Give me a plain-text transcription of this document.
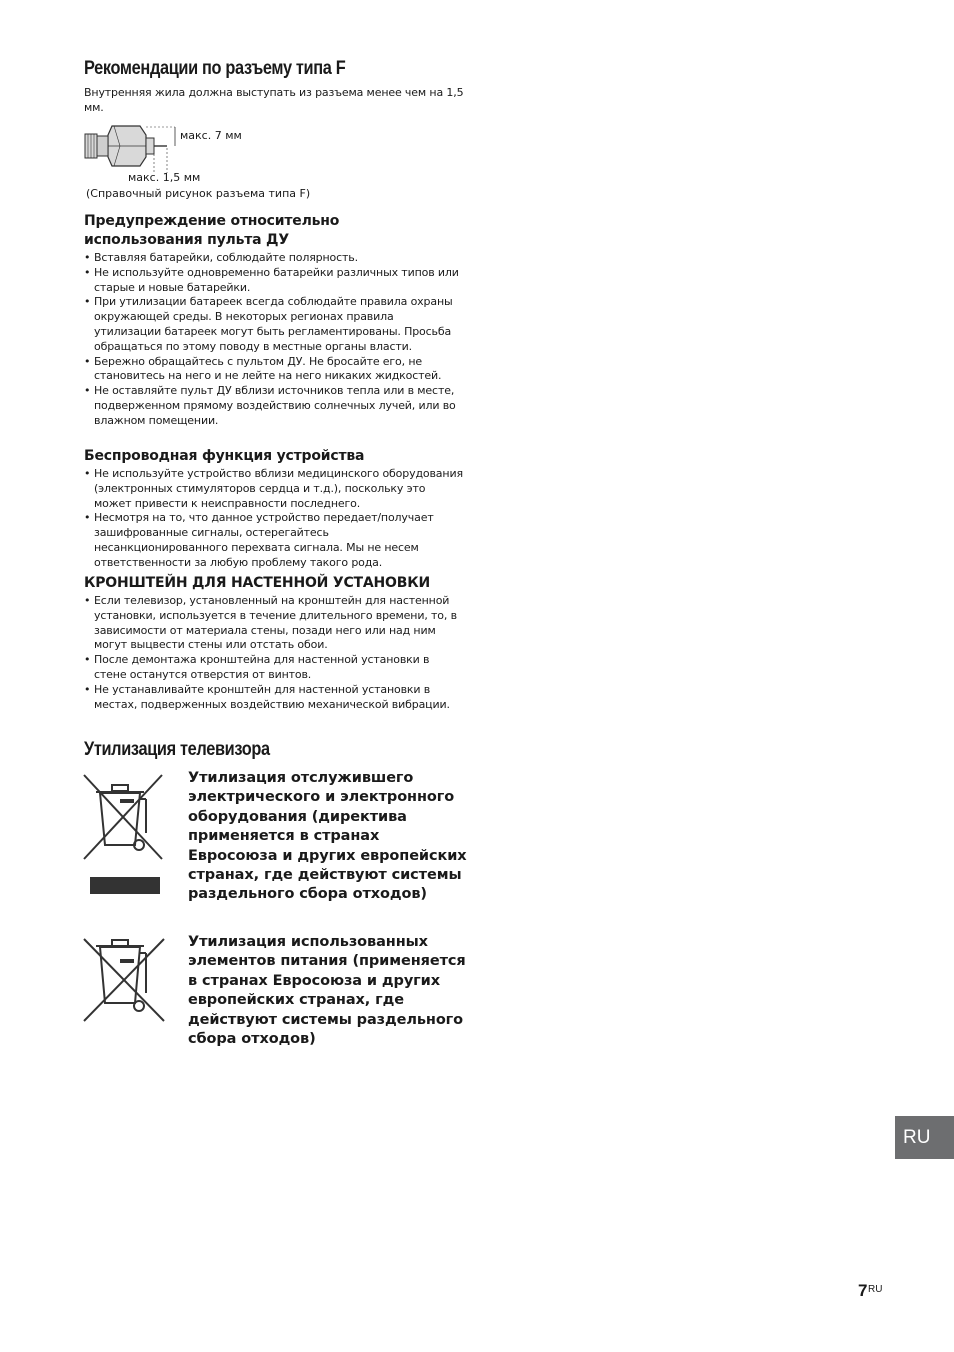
Рекомендации по разъему типа F

Внутренняя жила должна выступать из разъема менее чем на 1,5 мм.

макс. 7 мм
макс. 1,5 мм
(Справочный рисунок разъема типа F)
Предупреждение относительно использования пульта ДУ
• Вставляя батарейки, соблюдайте полярность.
• Не используйте одновременно батарейки различных типов или старые и новые батарейки.
• При утилизации батареек всегда соблюдайте правила охраны окружающей среды. В некоторых регионах правила утилизации батареек могут быть регламентированы. Просьба обращаться по этому поводу в местные органы власти.
• Бережно обращайтесь с пультом ДУ. Не бросайте его, не становитесь на него и не лейте на него никаких жидкостей.
• Не оставляйте пульт ДУ вблизи источников тепла или в месте, подверженном прямому воздействию солнечных лучей, или во влажном помещении.
Беспроводная функция устройства
• Не используйте устройство вблизи медицинского оборудования (электронных стимуляторов сердца и т.д.), поскольку это может привести к неисправности последнего.
• Несмотря на то, что данное устройство передает/получает зашифрованные сигналы, остерегайтесь несанкционированного перехвата сигнала. Мы не несем ответственности за любую проблему такого рода.
КРОНШТЕЙН ДЛЯ НАСТЕННОЙ УСТАНОВКИ
• Если телевизор, установленный на кронштейн для настенной установки, используется в течение длительного времени, то, в зависимости от материала стены, позади него или над ним могут выцвести стены или отстать обои.
• После демонтажа кронштейна для настенной установки в стене останутся отверстия от винтов.
• Не устанавливайте кронштейн для настенной установки в местах, подверженных воздействию механической вибрации.
Утилизация телевизора

Утилизация отслужившего электрического и электронного оборудования (директива применяется в странах Евросоюза и других европейских странах, где действуют системы раздельного сбора отходов)

Утилизация использованных элементов питания (применяется в странах Евросоюза и других европейских странах, где действуют системы раздельного сбора отходов)

RU
7 RU
